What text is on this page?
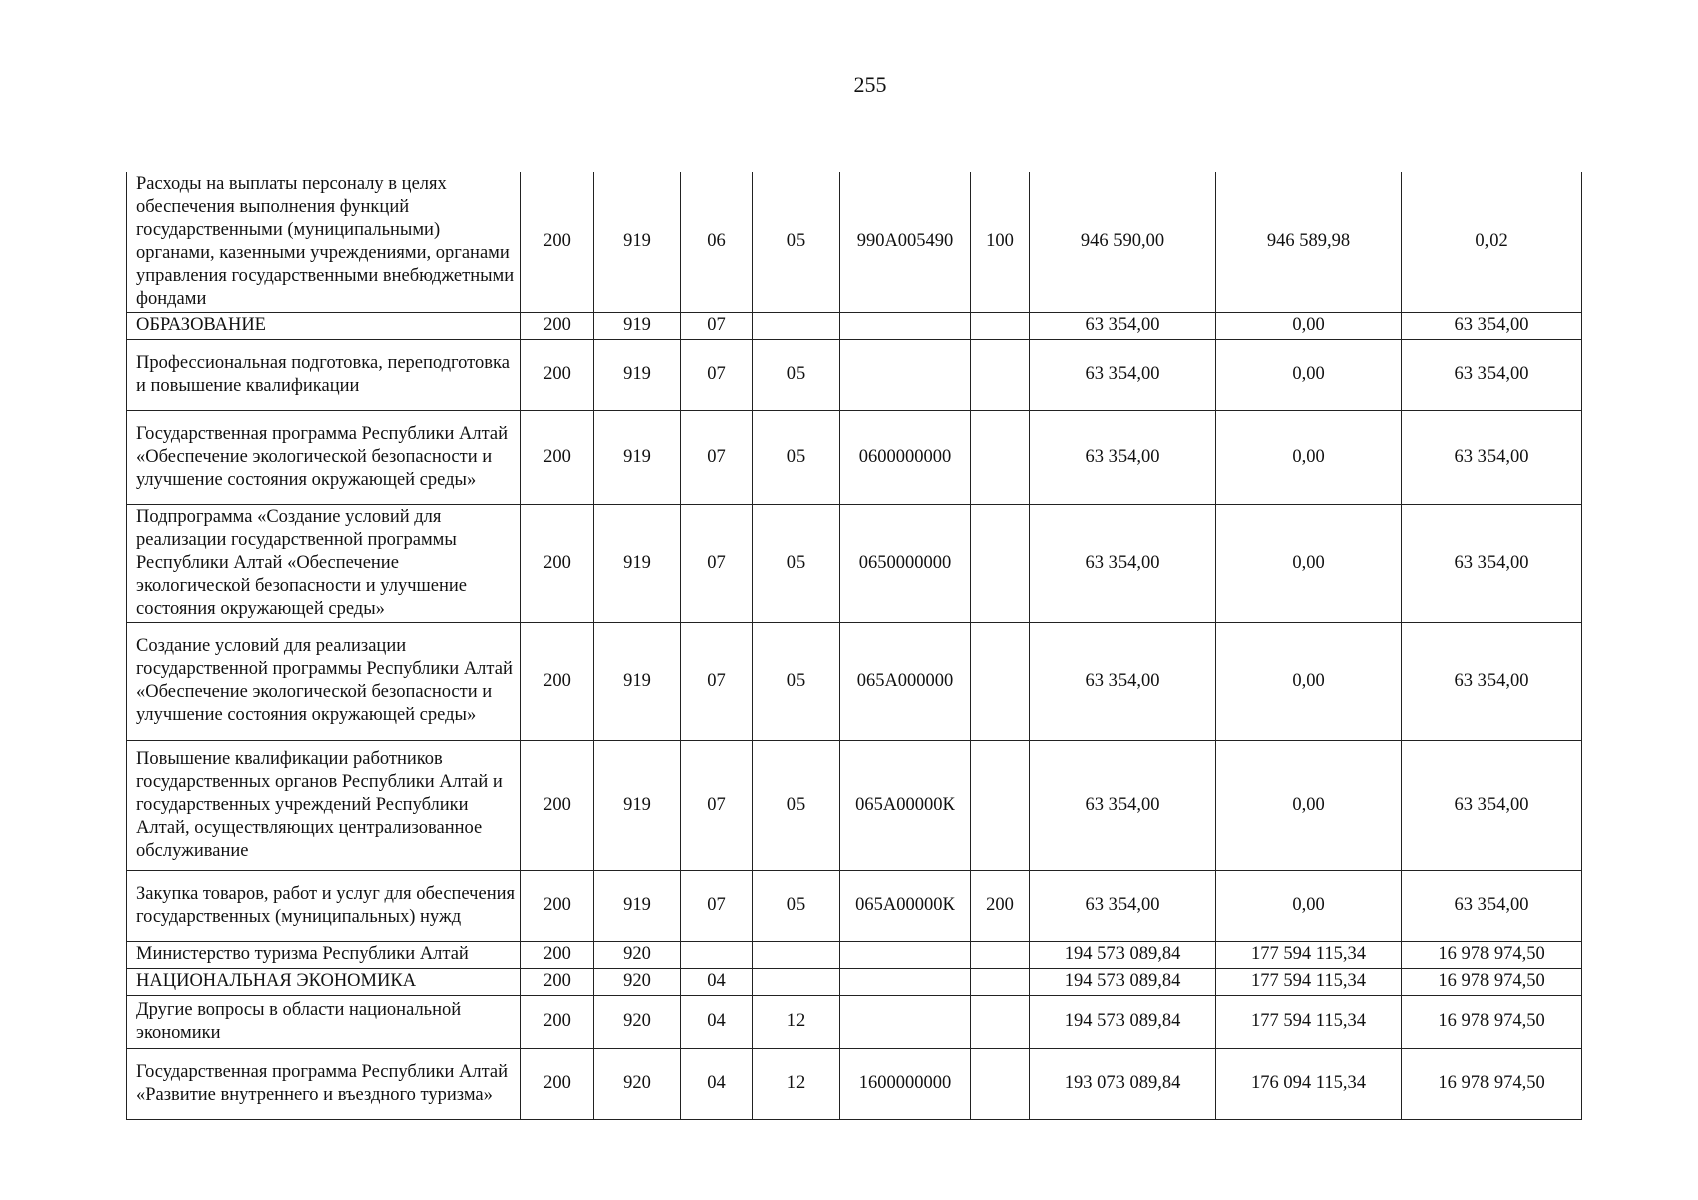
255
Расходы на выплаты персоналу в целях обеспечения выполнения функций государственными (муниципальными) органами, казенными учреждениями, органами управления государственными внебюджетными фондами	200	919	06	05	990А005490	100	946 590,00	946 589,98	0,02
ОБРАЗОВАНИЕ	200	919	07				63 354,00	0,00	63 354,00
Профессиональная подготовка, переподготовка и повышение квалификации	200	919	07	05			63 354,00	0,00	63 354,00
Государственная программа Республики Алтай «Обеспечение экологической безопасности и улучшение состояния окружающей среды»	200	919	07	05	0600000000		63 354,00	0,00	63 354,00
Подпрограмма «Создание условий для реализации государственной программы Республики Алтай «Обеспечение экологической безопасности и улучшение состояния окружающей среды»	200	919	07	05	0650000000		63 354,00	0,00	63 354,00
Создание условий для реализации государственной программы Республики Алтай «Обеспечение экологической безопасности и улучшение состояния окружающей среды»	200	919	07	05	065А000000		63 354,00	0,00	63 354,00
Повышение квалификации работников государственных органов Республики Алтай и государственных учреждений Республики Алтай, осуществляющих централизованное обслуживание	200	919	07	05	065А00000К		63 354,00	0,00	63 354,00
Закупка товаров, работ и услуг для обеспечения государственных (муниципальных) нужд	200	919	07	05	065А00000К	200	63 354,00	0,00	63 354,00
Министерство туризма Республики Алтай	200	920					194 573 089,84	177 594 115,34	16 978 974,50
НАЦИОНАЛЬНАЯ ЭКОНОМИКА	200	920	04				194 573 089,84	177 594 115,34	16 978 974,50
Другие вопросы в области национальной экономики	200	920	04	12			194 573 089,84	177 594 115,34	16 978 974,50
Государственная программа Республики Алтай «Развитие внутреннего и въездного туризма»	200	920	04	12	1600000000		193 073 089,84	176 094 115,34	16 978 974,50
